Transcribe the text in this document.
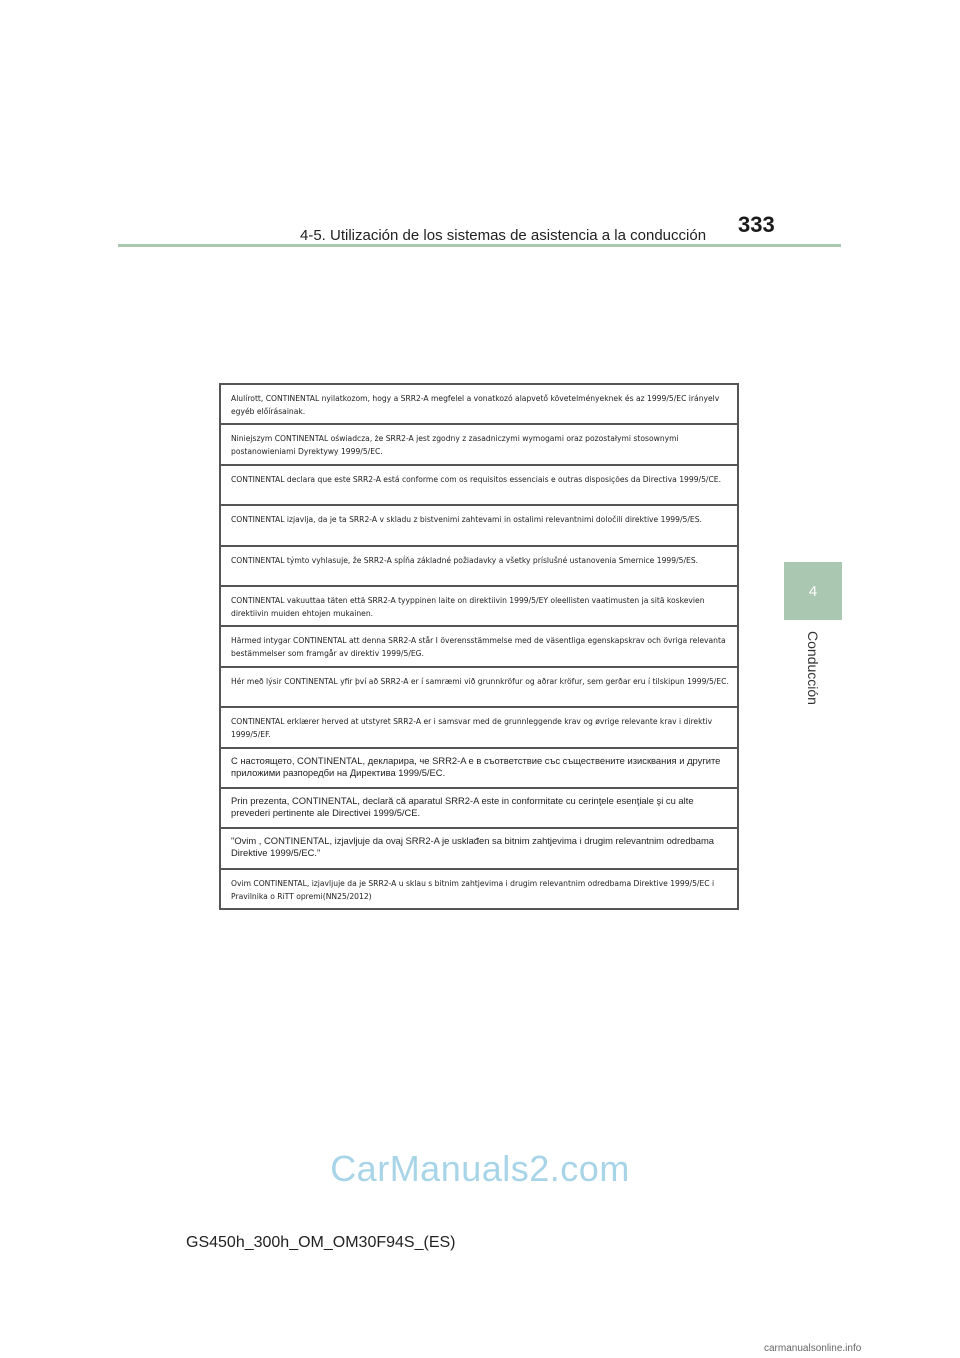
4-5. Utilización de los sistemas de asistencia a la conducción 333
4
Conducción
Alulírott, CONTINENTAL nyilatkozom, hogy a SRR2-A megfelel a vonatkozó alapvető követelményeknek és az 1999/5/EC irányelv egyéb előírásainak.
Niniejszym CONTINENTAL oświadcza, że SRR2-A jest zgodny z zasadniczymi wymogami oraz pozostałymi stosownymi postanowieniami Dyrektywy 1999/5/EC.
CONTINENTAL declara que este SRR2-A está conforme com os requisitos essenciais e outras disposições da Directiva 1999/5/CE.
CONTINENTAL izjavlja, da je ta SRR2-A v skladu z bistvenimi zahtevami in ostalimi relevantnimi določili direktive 1999/5/ES.
CONTINENTAL týmto vyhlasuje, že SRR2-A spĺňa základné požiadavky a všetky príslušné ustanovenia Smernice 1999/5/ES.
CONTINENTAL vakuuttaa täten että SRR2-A tyyppinen laite on direktiivin 1999/5/EY oleellisten vaatimusten ja sitä koskevien direktiivin muiden ehtojen mukainen.
Härmed intygar CONTINENTAL att denna SRR2-A står I överensstämmelse med de väsentliga egenskapskrav och övriga relevanta bestämmelser som framgår av direktiv 1999/5/EG.
Hér með lýsir CONTINENTAL yfir því að SRR2-A er í samræmi við grunnkröfur og aðrar kröfur, sem gerðar eru í tilskipun 1999/5/EC.
CONTINENTAL erklærer herved at utstyret SRR2-A er i samsvar med de grunnleggende krav og øvrige relevante krav i direktiv 1999/5/EF.
С настоящето, CONTINENTAL, декларира, че SRR2-A е в съответствие със съществените изисквания и другите приложими разпоредби на Директива 1999/5/EC.
Prin prezenta, CONTINENTAL, declară că aparatul SRR2-A este in conformitate cu cerinţele esenţiale şi cu alte prevederi pertinente ale Directivei 1999/5/CE.
"Ovim , CONTINENTAL, izjavljuje da ovaj SRR2-A je usklađen sa bitnim zahtjevima i drugim relevantnim odredbama Direktive 1999/5/EC."
Ovim CONTINENTAL, izjavljuje da je SRR2-A u sklau s bitnim zahtjevima i drugim relevantnim odredbama Direktive 1999/5/EC i Pravilnika o RiTT opremi(NN25/2012)
CarManuals2.com
GS450h_300h_OM_OM30F94S_(ES)
carmanualsonline.info
